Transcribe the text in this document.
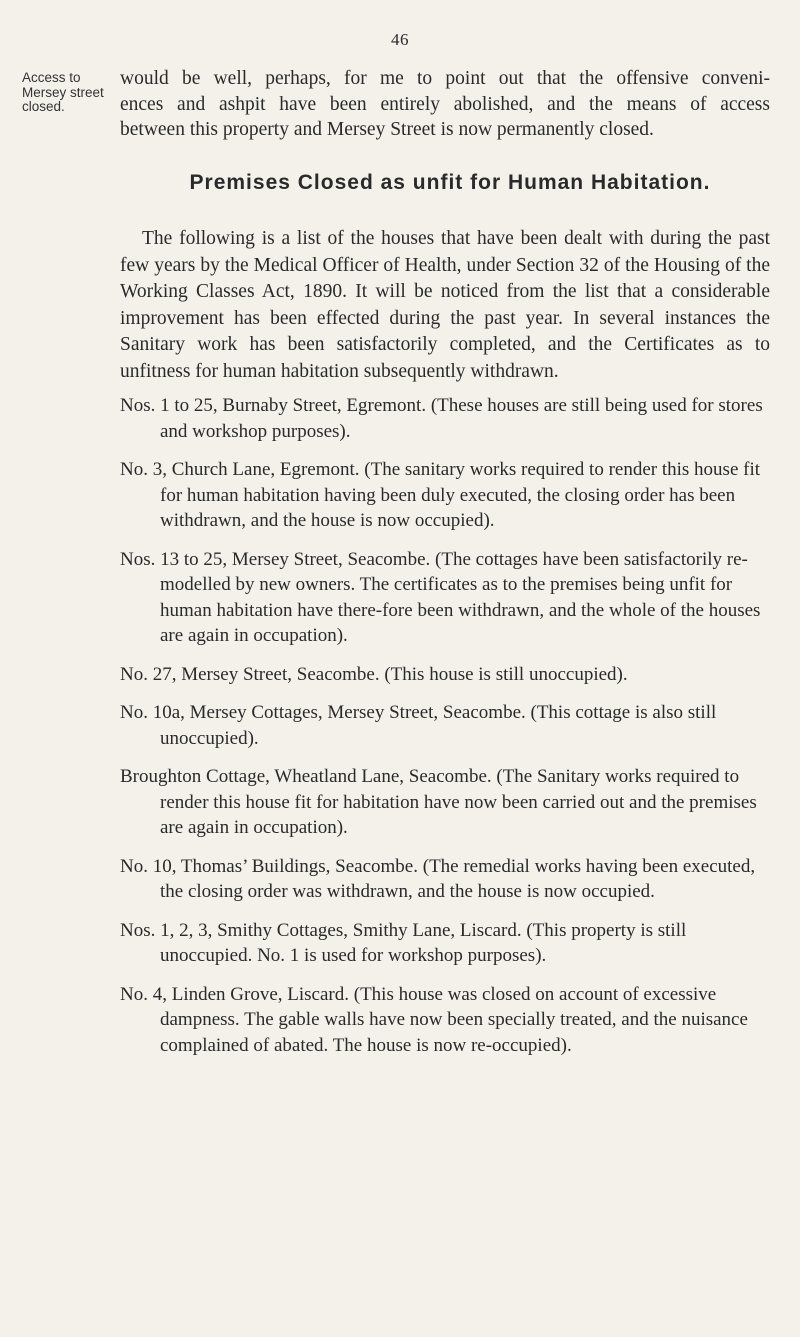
46
Access to Mersey street closed.

would be well, perhaps, for me to point out that the offensive conveni-
ences and ashpit have been entirely abolished, and the means of access
between this property and Mersey Street is now permanently closed.

Premises Closed as unfit for Human Habitation.

The following is a list of the houses that have been dealt with during the past few years by the Medical Officer of Health, under Section 32 of the Housing of the Working Classes Act, 1890. It will be noticed from the list that a considerable improvement has been effected during the past year. In several instances the Sanitary work has been satisfactorily completed, and the Certificates as to unfitness for human habitation subsequently withdrawn.

Nos. 1 to 25, Burnaby Street, Egremont. (These houses are still being used for stores and workshop purposes).
No. 3, Church Lane, Egremont. (The sanitary works required to render this house fit for human habitation having been duly executed, the closing order has been withdrawn, and the house is now occupied).
Nos. 13 to 25, Mersey Street, Seacombe. (The cottages have been satisfactorily re-modelled by new owners. The certificates as to the premises being unfit for human habitation have there-fore been withdrawn, and the whole of the houses are again in occupation).
No. 27, Mersey Street, Seacombe. (This house is still unoccupied).
No. 10a, Mersey Cottages, Mersey Street, Seacombe. (This cottage is also still unoccupied).
Broughton Cottage, Wheatland Lane, Seacombe. (The Sanitary works required to render this house fit for habitation have now been carried out and the premises are again in occupation).
No. 10, Thomas’ Buildings, Seacombe. (The remedial works having been executed, the closing order was withdrawn, and the house is now occupied.
Nos. 1, 2, 3, Smithy Cottages, Smithy Lane, Liscard. (This property is still unoccupied. No. 1 is used for workshop purposes).
No. 4, Linden Grove, Liscard. (This house was closed on account of excessive dampness. The gable walls have now been specially treated, and the nuisance complained of abated. The house is now re-occupied).
